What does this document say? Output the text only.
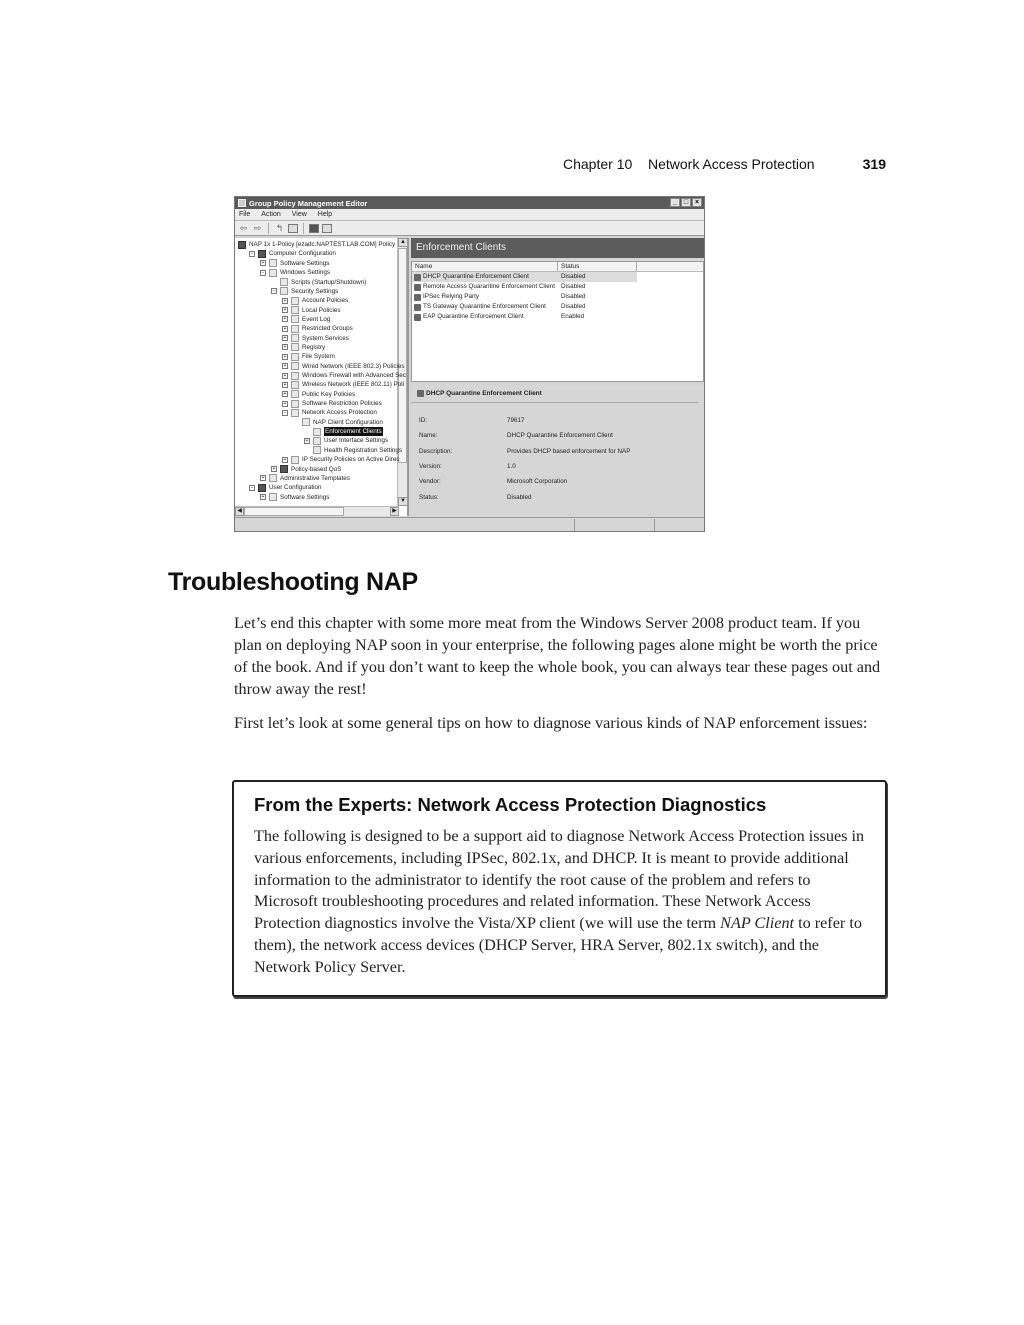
Chapter 10 Network Access Protection	319
Group Policy Management Editor	_ □ ×
File Action View Help
⇦ ⇨ ↰
▲
▼
◀	▶
NAP 1x 1-Policy [ezadc.NAPTEST.LAB.COM] Policy
− Computer Configuration
+ Software Settings
− Windows Settings
Scripts (Startup/Shutdown)
− Security Settings
+ Account Policies
+ Local Policies
+ Event Log
+ Restricted Groups
+ System Services
+ Registry
+ File System
+ Wired Network (IEEE 802.3) Policies
+ Windows Firewall with Advanced Sec
+ Wireless Network (IEEE 802.11) Poli
+ Public Key Policies
+ Software Restriction Policies
− Network Access Protection
NAP Client Configuration
Enforcement Clients
+ User Interface Settings
Health Registration Settings
+ IP Security Policies on Active Direc
+ Policy-based QoS
+ Administrative Templates
− User Configuration
+ Software Settings
Enforcement Clients
Name	Status
DHCP Quarantine Enforcement Client	Disabled
Remote Access Quarantine Enforcement Client Disabled
IPSec Relying Party	Disabled
TS Gateway Quarantine Enforcement Client	Disabled
EAP Quarantine Enforcement Client	Enabled
DHCP Quarantine Enforcement Client
ID:	79617
Name:	DHCP Quarantine Enforcement Client
Description:	Provides DHCP based enforcement for NAP
Version:	1.0
Vendor:	Microsoft Corporation
Status:	Disabled
Troubleshooting NAP

Let’s end this chapter with some more meat from the Windows Server 2008 product team. If you plan on deploying NAP soon in your enterprise, the following pages alone might be worth the price of the book. And if you don’t want to keep the whole book, you can always tear these pages out and throw away the rest!

First let’s look at some general tips on how to diagnose various kinds of NAP enforcement issues:

From the Experts: Network Access Protection Diagnostics
The following is designed to be a support aid to diagnose Network Access Protection issues in various enforcements, including IPSec, 802.1x, and DHCP. It is meant to provide additional information to the administrator to identify the root cause of the problem and refers to Microsoft troubleshooting procedures and related information. These Network Access Protection diagnostics involve the Vista/XP client (we will use the term NAP Client to refer to them), the network access devices (DHCP Server, HRA Server, 802.1x switch), and the Network Policy Server.
